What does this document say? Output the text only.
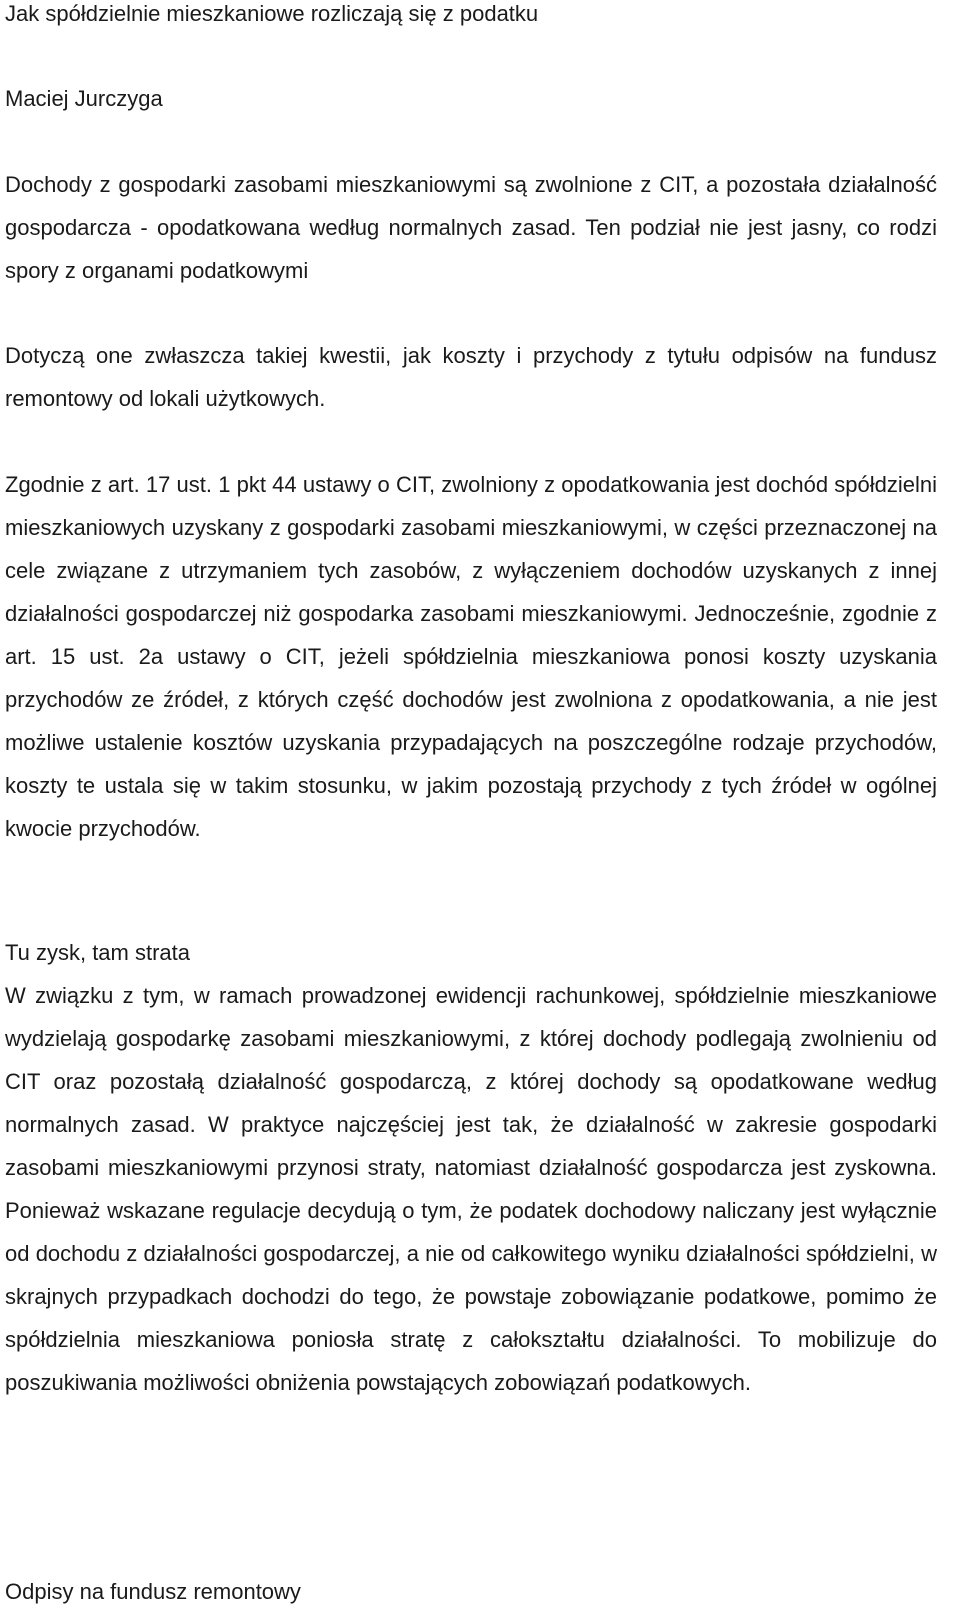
Jak spółdzielnie mieszkaniowe rozliczają się z podatku

Maciej Jurczyga

Dochody z gospodarki zasobami mieszkaniowymi są zwolnione z CIT, a pozostała działalność gospodarcza - opodatkowana według normalnych zasad. Ten podział nie jest jasny, co rodzi spory z organami podatkowymi

Dotyczą one zwłaszcza takiej kwestii, jak koszty i przychody z tytułu odpisów na fundusz remontowy od lokali użytkowych.

Zgodnie z art. 17 ust. 1 pkt 44 ustawy o CIT, zwolniony z opodatkowania jest dochód spółdzielni mieszkaniowych uzyskany z gospodarki zasobami mieszkaniowymi, w części przeznaczonej na cele związane z utrzymaniem tych zasobów, z wyłączeniem dochodów uzyskanych z innej działalności gospodarczej niż gospodarka zasobami mieszkaniowymi. Jednocześnie, zgodnie z art. 15 ust. 2a ustawy o CIT, jeżeli spółdzielnia mieszkaniowa ponosi koszty uzyskania przychodów ze źródeł, z których część dochodów jest zwolniona z opodatkowania, a nie jest możliwe ustalenie kosztów uzyskania przypadających na poszczególne rodzaje przychodów, koszty te ustala się w takim stosunku, w jakim pozostają przychody z tych źródeł w ogólnej kwocie przychodów.

Tu zysk, tam strata

W związku z tym, w ramach prowadzonej ewidencji rachunkowej, spółdzielnie mieszkaniowe wydzielają gospodarkę zasobami mieszkaniowymi, z której dochody podlegają zwolnieniu od CIT oraz pozostałą działalność gospodarczą, z której dochody są opodatkowane według normalnych zasad. W praktyce najczęściej jest tak, że działalność w zakresie gospodarki zasobami mieszkaniowymi przynosi straty, natomiast działalność gospodarcza jest zyskowna. Ponieważ wskazane regulacje decydują o tym, że podatek dochodowy naliczany jest wyłącznie od dochodu z działalności gospodarczej, a nie od całkowitego wyniku działalności spółdzielni, w skrajnych przypadkach dochodzi do tego, że powstaje zobowiązanie podatkowe, pomimo że spółdzielnia mieszkaniowa poniosła stratę z całokształtu działalności. To mobilizuje do poszukiwania możliwości obniżenia powstających zobowiązań podatkowych.

Odpisy na fundusz remontowy
